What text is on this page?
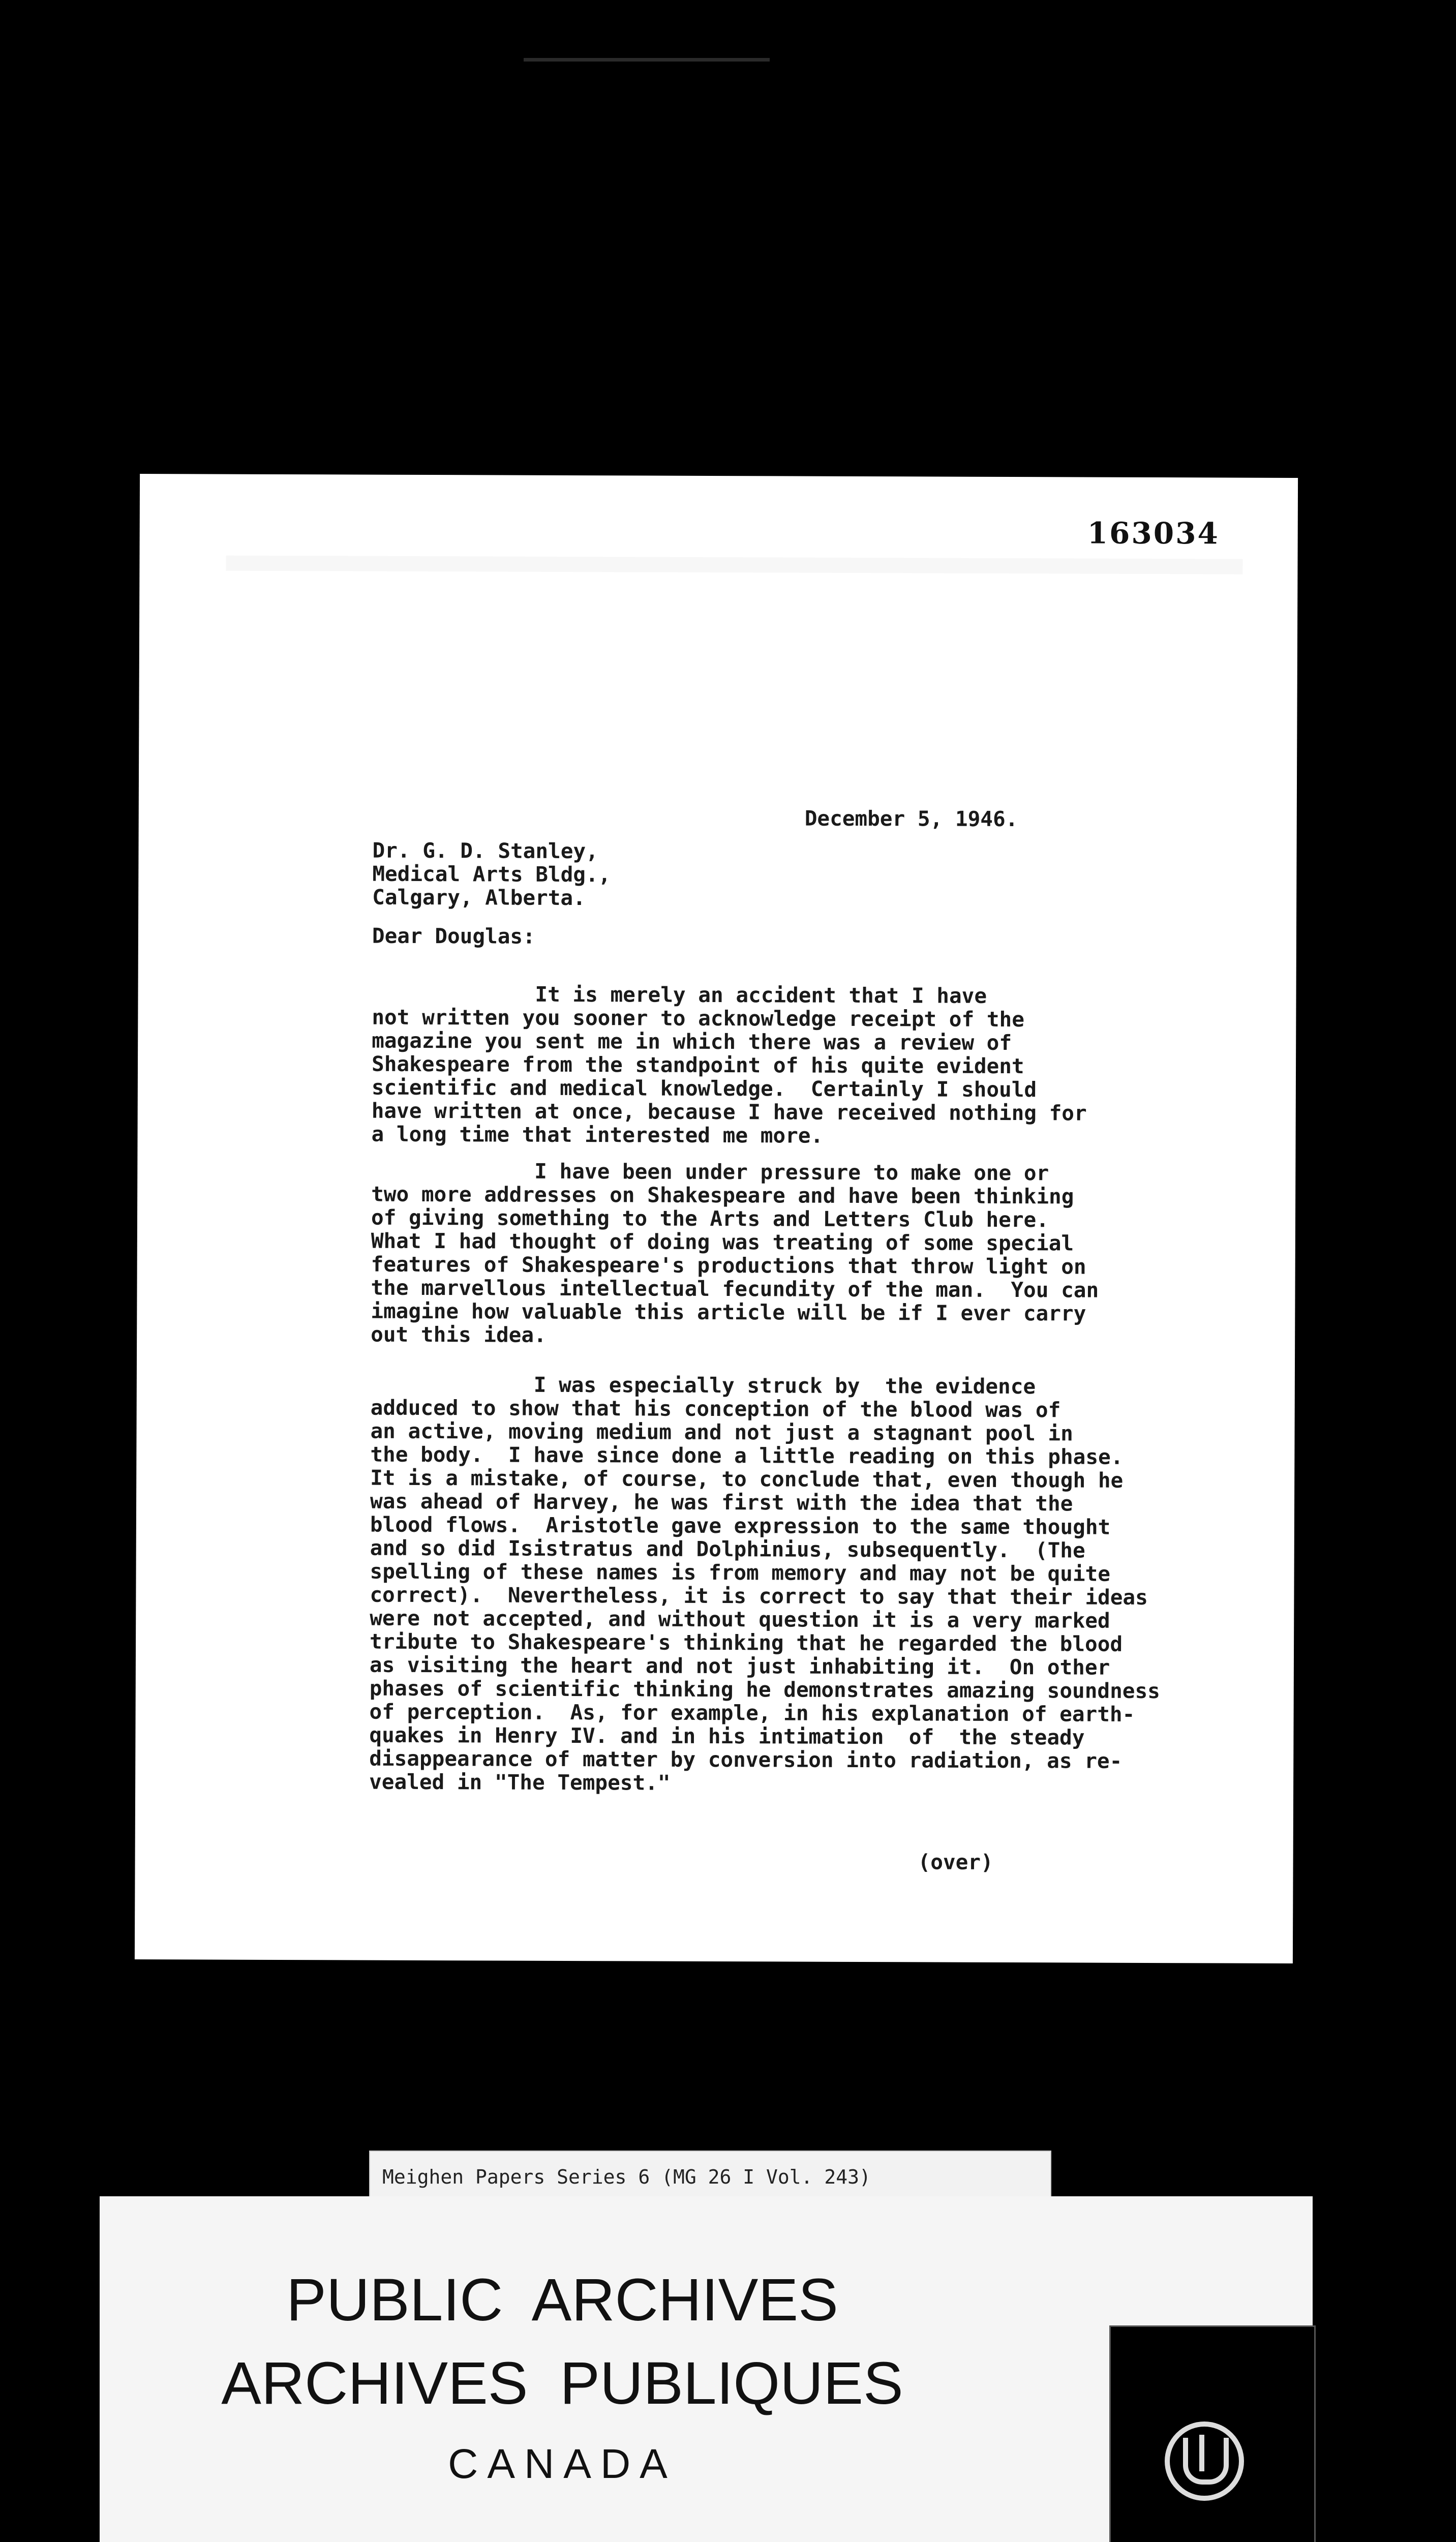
163034
December 5, 1946.
Dr. G. D. Stanley,
Medical Arts Bldg.,
Calgary, Alberta.
Dear Douglas:
It is merely an accident that I have
not written you sooner to acknowledge receipt of the
magazine you sent me in which there was a review of
Shakespeare from the standpoint of his quite evident
scientific and medical knowledge.  Certainly I should
have written at once, because I have received nothing for
a long time that interested me more.
I have been under pressure to make one or
two more addresses on Shakespeare and have been thinking
of giving something to the Arts and Letters Club here.
What I had thought of doing was treating of some special
features of Shakespeare's productions that throw light on
the marvellous intellectual fecundity of the man.  You can
imagine how valuable this article will be if I ever carry
out this idea.
I was especially struck by  the evidence
adduced to show that his conception of the blood was of
an active, moving medium and not just a stagnant pool in
the body.  I have since done a little reading on this phase.
It is a mistake, of course, to conclude that, even though he
was ahead of Harvey, he was first with the idea that the
blood flows.  Aristotle gave expression to the same thought
and so did Isistratus and Dolphinius, subsequently.  (The
spelling of these names is from memory and may not be quite
correct).  Nevertheless, it is correct to say that their ideas
were not accepted, and without question it is a very marked
tribute to Shakespeare's thinking that he regarded the blood
as visiting the heart and not just inhabiting it.  On other
phases of scientific thinking he demonstrates amazing soundness
of perception.  As, for example, in his explanation of earth-
quakes in Henry IV. and in his intimation  of  the steady
disappearance of matter by conversion into radiation, as re-
vealed in "The Tempest."
(over)
Meighen Papers Series 6 (MG 26 I Vol. 243)
PUBLIC ARCHIVES
ARCHIVES PUBLIQUES
CANADA
